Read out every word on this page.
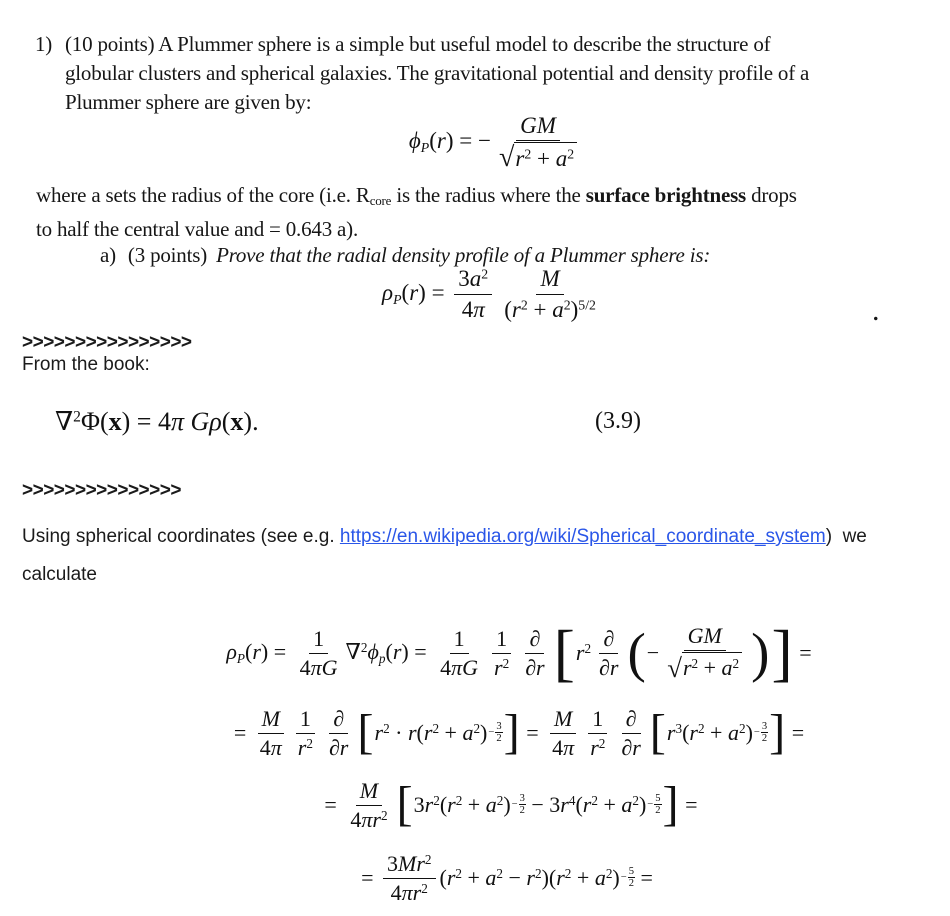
1) (10 points) A Plummer sphere is a simple but useful model to describe the structure of
globular clusters and spherical galaxies. The gravitational potential and density profile of a
Plummer sphere are given by:
ϕP(r) = − $\frac{GM}{√ r^2 + a^2}$
where a sets the radius of the core (i.e. Rcore is the radius where the surface brightness drops
to half the central value and = 0.643 a).
a) (3 points) Prove that the radial density profile of a Plummer sphere is:
$\rho P(r) = \frac{3a^2}{4\pi} \frac{M}{(r^2 + a^2)^{5/2}}$	.
>>>>>>>>>>>>>>>>
From the book:
∇$^2$Φ(x) = 4π Gρ(x).	(3.9)
>>>>>>>>>>>>>>>
Using spherical coordinates (see e.g. https://en.wikipedia.org/wiki/Spherical_coordinate_system)  we
calculate
$\rho P(r) = \frac{1}{4\pi G} \nabla^2\phi p(r) = \frac{1}{4\pi G} \frac{1}{r^2}$ ∂
∂r [ $r^2$ ∂
∂r ( − $\frac{GM}{√ r^2 + a^2}$ ) ] =
= $\frac{M}{4\pi} \frac{1}{r^2}$ ∂
∂r [ $r^2 \cdot r(r^2 + a^2) - \frac{3}{2}$ ] = $\frac{M}{4\pi} \frac{1}{r^2}$ ∂
∂r [ $r^3(r^2 + a^2) - \frac{3}{2}$ ] =
= $\frac{M}{4\pi r^2}$ [ $3r^2(r^2 + a^2) - \frac{3}{2} - 3r^4(r^2 + a^2) - \frac{5}{2}$ ] =
= $\frac{3Mr^2}{4\pi r^2} (r^2 + a^2 - r^2)(r^2 + a^2) - \frac{5}{2}$ =
